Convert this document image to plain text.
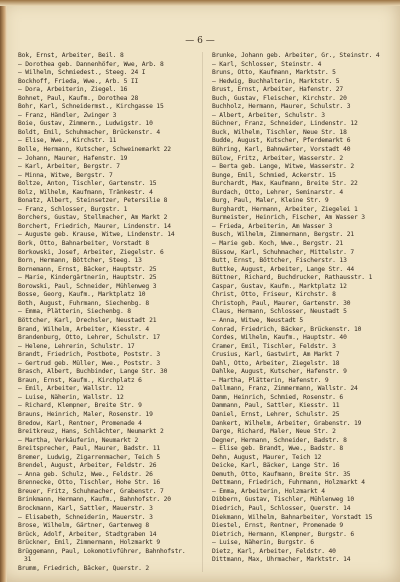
— 6 —
Bok, Ernst, Arbeiter, Beil. 8
— Dorothea geb. Dannenhöfer, Wwe, Arb. 8
— Wilhelm, Schmiedest., Steeg. 24 I
Bockhoff, Frieda, Wwe., Arb. 5 II
— Dora, Arbeiterin, Ziegel. 16
Bohnet, Paul, Kaufm., Dorothea 28
Bohr, Karl, Schneidermst., Kirchgasse 15
— Franz, Händler, Zwinger 3
Boie, Gustav, Zimmerm., Ludwigstr. 10
Boldt, Emil, Schuhmacher, Brückenstr. 4
— Elise, Wwe., Kirchstr. 11
Bolle, Hermann, Kutscher, Schweinemarkt 22
— Johann, Maurer, Hafenstr. 19
— Karl, Arbeiter, Bergstr. 7
— Minna, Witwe, Bergstr. 7
Boltze, Anton, Tischler, Gartenstr. 15
Bolz, Wilhelm, Kaufmann, Tränkestr. 4
Bonatz, Albert, Steinsetzer, Petersilie 8
— Franz, Schlosser, Burgstr. 1
Borchers, Gustav, Stellmacher, Am Markt 2
Borchert, Friedrich, Maurer, Lindenstr. 14
— Auguste geb. Krause, Witwe, Lindenstr. 14
Bork, Otto, Bahnarbeiter, Vorstadt 8
Borkowski, Josef, Arbeiter, Ziegelstr. 6
Born, Hermann, Böttcher, Steeg. 13
Bornemann, Ernst, Bäcker, Hauptstr. 25
— Marie, Kindergärtnerin, Hauptstr. 25
Borowski, Paul, Schneider, Mühlenweg 3
Bosse, Georg, Kaufm., Marktplatz 10
Both, August, Fuhrmann, Siechenbg. 8
— Emma, Plätterin, Siechenbg. 8
Böttcher, Karl, Drechsler, Neustadt 21
Brand, Wilhelm, Arbeiter, Kiesstr. 4
Brandenburg, Otto, Lehrer, Schulstr. 17
— Helene, Lehrerin, Schulstr. 17
Brandt, Friedrich, Postbote, Poststr. 3
— Gertrud geb. Müller, Wwe., Poststr. 3
Brasch, Albert, Buchbinder, Lange Str. 30
Braun, Ernst, Kaufm., Kirchplatz 6
— Emil, Arbeiter, Wallstr. 12
— Luise, Näherin, Wallstr. 12
— Richard, Klempner, Breite Str. 9
Brauns, Heinrich, Maler, Rosenstr. 19
Bredow, Karl, Rentner, Promenade 4
Breitkreuz, Hans, Schlächter, Neumarkt 2
— Martha, Verkäuferin, Neumarkt 2
Breitsprecher, Paul, Maurer, Badstr. 11
Bremer, Ludwig, Zigarrenmacher, Teich 5
Brendel, August, Arbeiter, Feldstr. 26
— Anna geb. Schulz, Wwe., Feldstr. 26
Brennecke, Otto, Tischler, Hohe Str. 16
Breuer, Fritz, Schuhmacher, Grabenstr. 7
Brinkmann, Hermann, Kaufm., Bahnhofstr. 20
Brockmann, Karl, Sattler, Mauerstr. 3
— Elisabeth, Schneiderin, Mauerstr. 3
Brose, Wilhelm, Gärtner, Gartenweg 8
Brück, Adolf, Arbeiter, Stadtgraben 14
Brückner, Emil, Zimmermann, Holzmarkt 9
Brüggemann, Paul, Lokomotivführer, Bahnhofstr. 31
Brumm, Friedrich, Bäcker, Querstr. 2
Brunke, Johann geb. Arbeiter, Gr., Steinstr. 4
— Karl, Schlosser, Steinstr. 4
Bruns, Otto, Kaufmann, Marktstr. 5
— Hedwig, Buchhalterin, Marktstr. 5
Brust, Ernst, Arbeiter, Hafenstr. 27
Buch, Gustav, Fleischer, Kirchstr. 20
Buchholz, Hermann, Maurer, Schulstr. 3
— Albert, Arbeiter, Schulstr. 3
Büchner, Franz, Schneider, Lindenstr. 12
Buck, Wilhelm, Tischler, Neue Str. 18
Budde, August, Kutscher, Pferdemarkt 6
Bühring, Karl, Bahnwärter, Vorstadt 40
Bülow, Fritz, Arbeiter, Wasserstr. 2
— Berta geb. Lange, Witwe, Wasserstr. 2
Bunge, Emil, Schmied, Ackerstr. 15
Burchardt, Max, Kaufmann, Breite Str. 22
Burdach, Otto, Lehrer, Seminarstr. 4
Burg, Paul, Maler, Kleine Str. 9
Burghardt, Hermann, Arbeiter, Ziegelei 1
Burmeister, Heinrich, Fischer, Am Wasser 3
— Frieda, Arbeiterin, Am Wasser 3
Busch, Wilhelm, Zimmermann, Bergstr. 21
— Marie geb. Koch, Wwe., Bergstr. 21
Büssow, Karl, Schuhmacher, Mittelstr. 7
Butt, Ernst, Böttcher, Fischerstr. 13
Buttke, August, Arbeiter, Lange Str. 44
Büttner, Richard, Buchdrucker, Rathausstr. 1
Caspar, Gustav, Kaufm., Marktplatz 12
Christ, Otto, Friseur, Kirchstr. 8
Christoph, Paul, Maurer, Gartenstr. 30
Claus, Hermann, Schlosser, Neustadt 5
— Anna, Witwe, Neustadt 5
Conrad, Friedrich, Bäcker, Brückenstr. 10
Cordes, Wilhelm, Kaufm., Hauptstr. 40
Cramer, Emil, Tischler, Feldstr. 3
Crusius, Karl, Gastwirt, Am Markt 7
Dahl, Otto, Arbeiter, Ziegelstr. 18
Dahlke, August, Kutscher, Hafenstr. 9
— Martha, Plätterin, Hafenstr. 9
Dallmann, Franz, Zimmermann, Wallstr. 24
Damm, Heinrich, Schmied, Rosenstr. 6
Dammann, Paul, Sattler, Kiesstr. 11
Daniel, Ernst, Lehrer, Schulstr. 25
Dankert, Wilhelm, Arbeiter, Grabenstr. 19
Darge, Richard, Maler, Neue Str. 2
Degner, Hermann, Schneider, Badstr. 8
— Elise geb. Brandt, Wwe., Badstr. 8
Dehn, August, Maurer, Teich 12
Deicke, Karl, Bäcker, Lange Str. 16
Demuth, Otto, Kaufmann, Breite Str. 35
Dettmann, Friedrich, Fuhrmann, Holzmarkt 4
— Emma, Arbeiterin, Holzmarkt 4
Dibbern, Gustav, Tischler, Mühlenweg 10
Diedrich, Paul, Schlosser, Querstr. 14
Diekmann, Wilhelm, Bahnarbeiter, Vorstadt 15
Diestel, Ernst, Rentner, Promenade 9
Dietrich, Hermann, Klempner, Burgstr. 6
— Luise, Näherin, Burgstr. 6
Dietz, Karl, Arbeiter, Feldstr. 40
Dittmann, Max, Uhrmacher, Marktstr. 14
